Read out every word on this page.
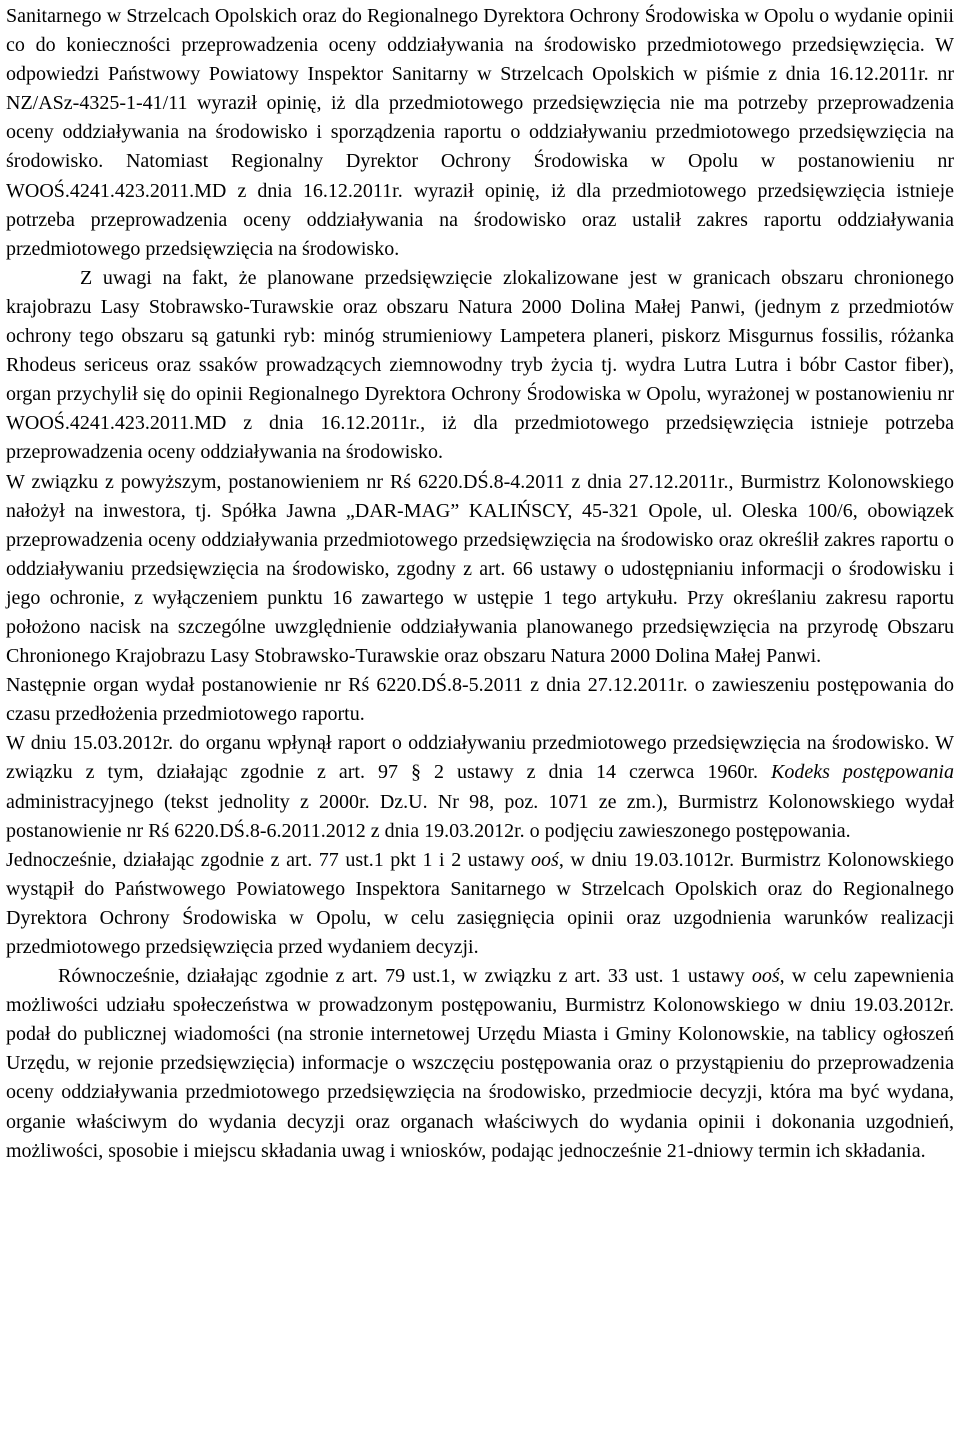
Sanitarnego w Strzelcach Opolskich oraz do Regionalnego Dyrektora Ochrony Środowiska w Opolu o wydanie opinii co do konieczności przeprowadzenia oceny oddziaływania na środowisko przedmiotowego przedsięwzięcia. W odpowiedzi Państwowy Powiatowy Inspektor Sanitarny w Strzelcach Opolskich w piśmie z dnia 16.12.2011r. nr NZ/ASz-4325-1-41/11 wyraził opinię, iż dla przedmiotowego przedsięwzięcia nie ma potrzeby przeprowadzenia oceny oddziaływania na środowisko i sporządzenia raportu o oddziaływaniu przedmiotowego przedsięwzięcia na środowisko. Natomiast Regionalny Dyrektor Ochrony Środowiska w Opolu w postanowieniu nr WOOŚ.4241.423.2011.MD z dnia 16.12.2011r. wyraził opinię, iż dla przedmiotowego przedsięwzięcia istnieje potrzeba przeprowadzenia oceny oddziaływania na środowisko oraz ustalił zakres raportu oddziaływania przedmiotowego przedsięwzięcia na środowisko.

Z uwagi na fakt, że planowane przedsięwzięcie zlokalizowane jest w granicach obszaru chronionego krajobrazu Lasy Stobrawsko-Turawskie oraz obszaru Natura 2000 Dolina Małej Panwi, (jednym z przedmiotów ochrony tego obszaru są gatunki ryb: minóg strumieniowy Lampetera planeri, piskorz Misgurnus fossilis, różanka Rhodeus sericeus oraz ssaków prowadzących ziemnowodny tryb życia tj. wydra Lutra Lutra i bóbr Castor fiber), organ przychylił się do opinii Regionalnego Dyrektora Ochrony Środowiska w Opolu, wyrażonej w postanowieniu nr WOOŚ.4241.423.2011.MD z dnia 16.12.2011r., iż dla przedmiotowego przedsięwzięcia istnieje potrzeba przeprowadzenia oceny oddziaływania na środowisko.

W związku z powyższym, postanowieniem nr Rś 6220.DŚ.8-4.2011 z dnia 27.12.2011r., Burmistrz Kolonowskiego nałożył na inwestora, tj. Spółka Jawna „DAR-MAG” KALIŃSCY, 45-321 Opole, ul. Oleska 100/6, obowiązek przeprowadzenia oceny oddziaływania przedmiotowego przedsięwzięcia na środowisko oraz określił zakres raportu o oddziaływaniu przedsięwzięcia na środowisko, zgodny z art. 66 ustawy o udostępnianiu informacji o środowisku i jego ochronie, z wyłączeniem punktu 16 zawartego w ustępie 1 tego artykułu. Przy określaniu zakresu raportu położono nacisk na szczególne uwzględnienie oddziaływania planowanego przedsięwzięcia na przyrodę Obszaru Chronionego Krajobrazu Lasy Stobrawsko-Turawskie oraz obszaru Natura 2000 Dolina Małej Panwi.

Następnie organ wydał postanowienie nr Rś 6220.DŚ.8-5.2011 z dnia 27.12.2011r. o zawieszeniu postępowania do czasu przedłożenia przedmiotowego raportu.

W dniu 15.03.2012r. do organu wpłynął raport o oddziaływaniu przedmiotowego przedsięwzięcia na środowisko. W związku z tym, działając zgodnie z art. 97 § 2 ustawy z dnia 14 czerwca 1960r. Kodeks postępowania administracyjnego (tekst jednolity z 2000r. Dz.U. Nr 98, poz. 1071 ze zm.), Burmistrz Kolonowskiego wydał postanowienie nr Rś 6220.DŚ.8-6.2011.2012 z dnia 19.03.2012r. o podjęciu zawieszonego postępowania.

Jednocześnie, działając zgodnie z art. 77 ust.1 pkt 1 i 2 ustawy ooś, w dniu 19.03.1012r. Burmistrz Kolonowskiego wystąpił do Państwowego Powiatowego Inspektora Sanitarnego w Strzelcach Opolskich oraz do Regionalnego Dyrektora Ochrony Środowiska w Opolu, w celu zasięgnięcia opinii oraz uzgodnienia warunków realizacji przedmiotowego przedsięwzięcia przed wydaniem decyzji.

Równocześnie, działając zgodnie z art. 79 ust.1, w związku z art. 33 ust. 1 ustawy ooś, w celu zapewnienia możliwości udziału społeczeństwa w prowadzonym postępowaniu, Burmistrz Kolonowskiego w dniu 19.03.2012r. podał do publicznej wiadomości (na stronie internetowej Urzędu Miasta i Gminy Kolonowskie, na tablicy ogłoszeń Urzędu, w rejonie przedsięwzięcia) informacje o wszczęciu postępowania oraz o przystąpieniu do przeprowadzenia oceny oddziaływania przedmiotowego przedsięwzięcia na środowisko, przedmiocie decyzji, która ma być wydana, organie właściwym do wydania decyzji oraz organach właściwych do wydania opinii i dokonania uzgodnień, możliwości, sposobie i miejscu składania uwag i wniosków, podając jednocześnie 21-dniowy termin ich składania.
